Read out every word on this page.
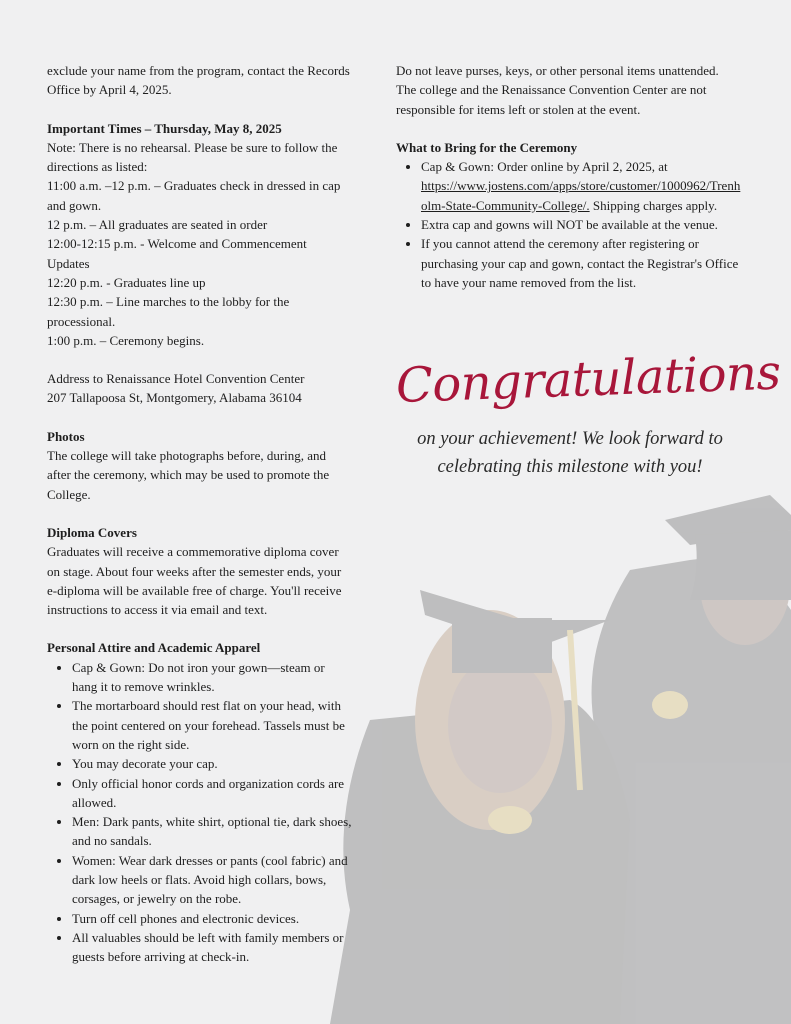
exclude your name from the program, contact the Records Office by April 4, 2025.

Important Times – Thursday, May 8, 2025

Note: There is no rehearsal. Please be sure to follow the directions as listed:

11:00 a.m. –12 p.m. – Graduates check in dressed in cap and gown.

12 p.m. – All graduates are seated in order

12:00-12:15 p.m. - Welcome and Commencement Updates

12:20 p.m. - Graduates line up

12:30 p.m. – Line marches to the lobby for the processional.

1:00 p.m. – Ceremony begins.

Address to Renaissance Hotel Convention Center

207 Tallapoosa St, Montgomery, Alabama 36104

Photos

The college will take photographs before, during, and after the ceremony, which may be used to promote the College.

Diploma Covers

Graduates will receive a commemorative diploma cover on stage. About four weeks after the semester ends, your e-diploma will be available free of charge. You'll receive instructions to access it via email and text.

Personal Attire and Academic Apparel

• Cap & Gown: Do not iron your gown—steam or hang it to remove wrinkles.
• The mortarboard should rest flat on your head, with the point centered on your forehead. Tassels must be worn on the right side.
• You may decorate your cap.
• Only official honor cords and organization cords are allowed.
• Men: Dark pants, white shirt, optional tie, dark shoes, and no sandals.
• Women: Wear dark dresses or pants (cool fabric) and dark low heels or flats. Avoid high collars, bows, corsages, or jewelry on the robe.
• Turn off cell phones and electronic devices.
• All valuables should be left with family members or guests before arriving at check-in.

Do not leave purses, keys, or other personal items unattended. The college and the Renaissance Convention Center are not responsible for items left or stolen at the event.

What to Bring for the Ceremony

• Cap & Gown: Order online by April 2, 2025, at
https://www.jostens.com/apps/store/customer/1000962/Trenholm-State-Community-College/. Shipping charges apply.
• Extra cap and gowns will NOT be available at the venue.
• If you cannot attend the ceremony after registering or purchasing your cap and gown, contact the Registrar's Office to have your name removed from the list.
Congratulations
on your achievement! We look forward to celebrating this milestone with you!
